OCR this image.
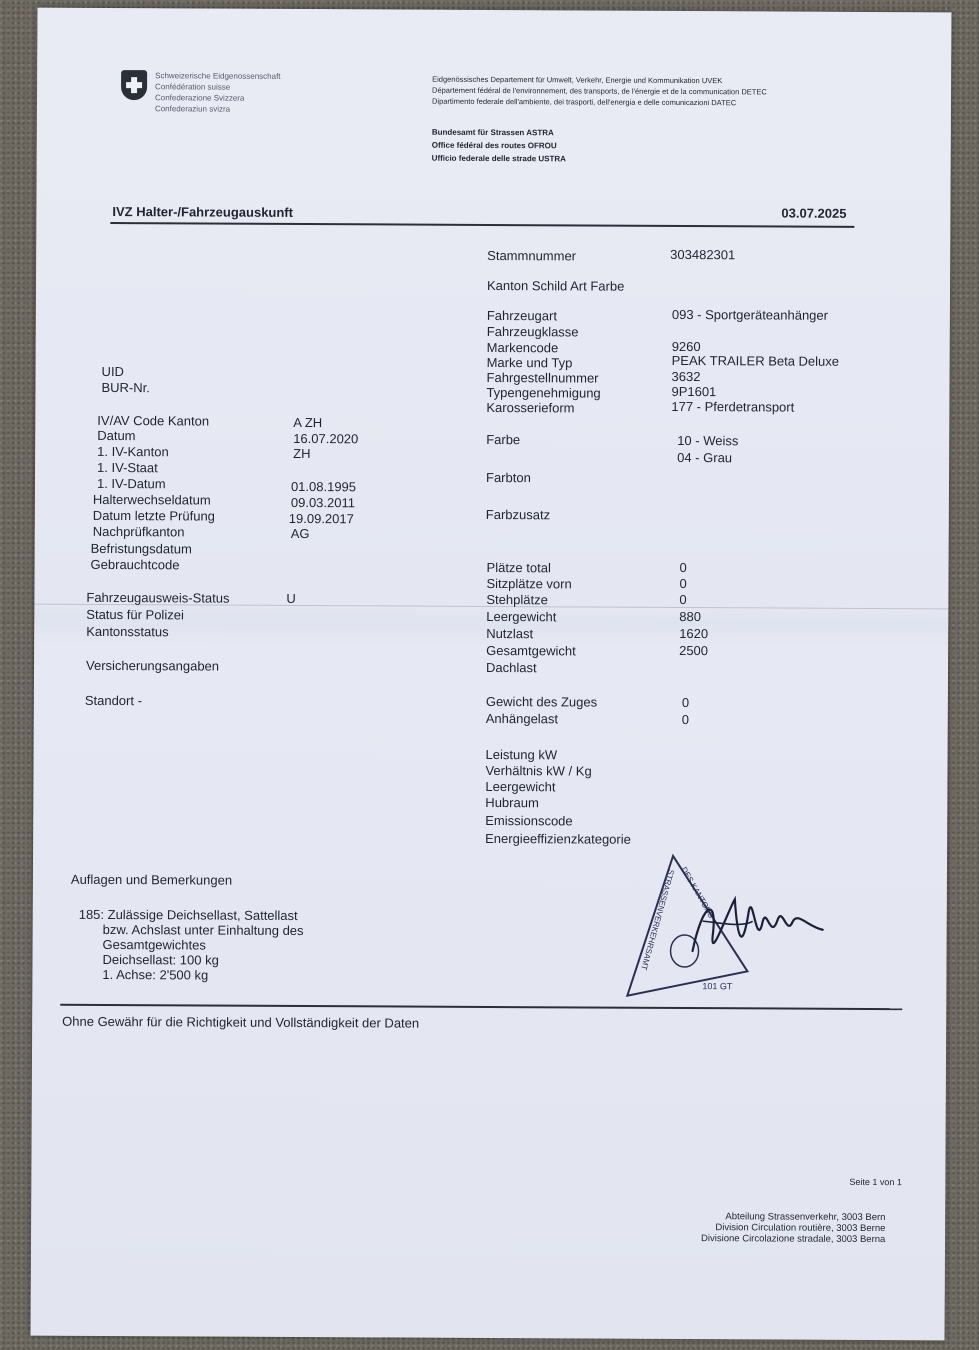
Schweizerische Eidgenossenschaft
Confédération suisse
Confederazione Svizzera
Confederaziun svizra
Eidgenössisches Departement für Umwelt, Verkehr, Energie und Kommunikation UVEK
Département fédéral de l'environnement, des transports, de l'énergie et de la communication DETEC
Dipartimento federale dell'ambiente, dei trasporti, dell'energia e delle comunicazioni DATEC
Bundesamt für Strassen ASTRA
Office fédéral des routes OFROU
Ufficio federale delle strade USTRA
IVZ Halter-/Fahrzeugauskunft	03.07.2025
Stammnummer	303482301
Kanton Schild Art Farbe
Fahrzeugart	093 - Sportgeräteanhänger
Fahrzeugklasse
Markencode	9260
Marke und Typ	PEAK TRAILER Beta Deluxe
Fahrgestellnummer	3632
Typengenehmigung	9P1601
Karosserieform	177 - Pferdetransport
Farbe	10 - Weiss
04 - Grau
Farbton
Farbzusatz
Plätze total	0
Sitzplätze vorn	0
Stehplätze	0
Leergewicht	880
Nutzlast	1620
Gesamtgewicht	2500
Dachlast
Gewicht des Zuges	0
Anhängelast	0
Leistung kW
Verhältnis kW / Kg
Leergewicht
Hubraum
Emissionscode
Energieeffizienzkategorie
UID
BUR-Nr.
IV/AV Code Kanton	A ZH
Datum	16.07.2020
1. IV-Kanton	ZH
1. IV-Staat
1. IV-Datum	01.08.1995
Halterwechseldatum	09.03.2011
Datum letzte Prüfung	19.09.2017
Nachprüfkanton	AG
Befristungsdatum
Gebrauchtcode
Fahrzeugausweis-Status	U
Status für Polizei
Kantonsstatus
Versicherungsangaben
Standort -
Auflagen und Bemerkungen
185: Zulässige Deichsellast, Sattellast
bzw. Achslast unter Einhaltung des
Gesamtgewichtes
Deichsellast: 100 kg
1. Achse: 2'500 kg
STRASSENVERKEHRSAMT
DES KANTONS
101 GT
Ohne Gewähr für die Richtigkeit und Vollständigkeit der Daten
Seite 1 von 1
Abteilung Strassenverkehr, 3003 Bern
Division Circulation routière, 3003 Berne
Divisione Circolazione stradale, 3003 Berna
